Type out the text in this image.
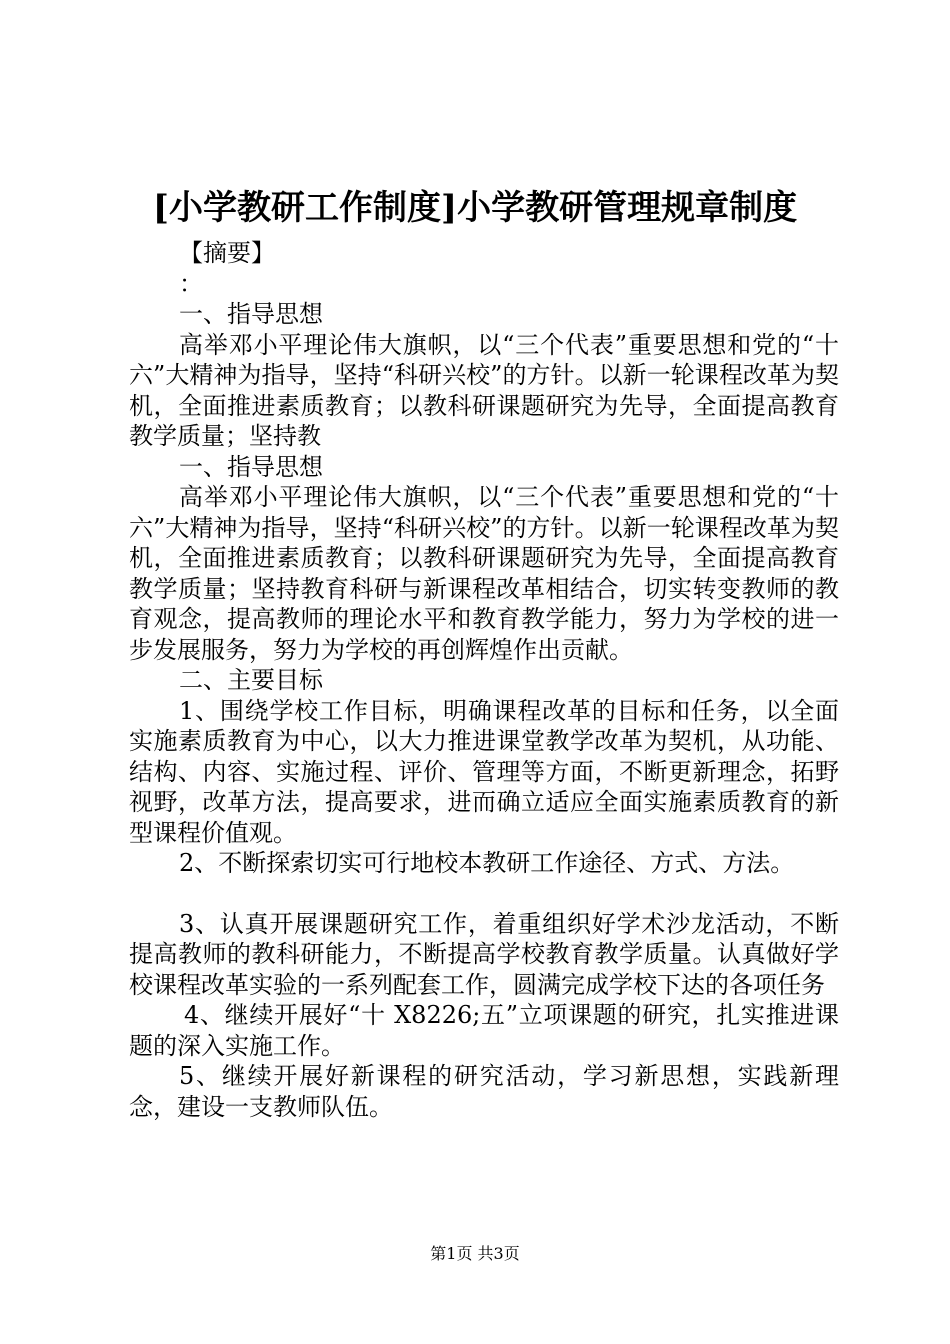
[小学教研工作制度]小学教研管理规章制度

【摘要】

：

一、指导思想

高举邓小平理论伟大旗帜，以“三个代表”重要思想和党的“十六”大精神为指导，坚持“科研兴校”的方针。以新一轮课程改革为契机，全面推进素质教育；以教科研课题研究为先导，全面提高教育教学质量；坚持教

一、指导思想

高举邓小平理论伟大旗帜，以“三个代表”重要思想和党的“十六”大精神为指导，坚持“科研兴校”的方针。以新一轮课程改革为契机，全面推进素质教育；以教科研课题研究为先导，全面提高教育教学质量；坚持教育科研与新课程改革相结合，切实转变教师的教育观念，提高教师的理论水平和教育教学能力，努力为学校的进一步发展服务，努力为学校的再创辉煌作出贡献。

二、主要目标

1、围绕学校工作目标，明确课程改革的目标和任务，以全面实施素质教育为中心，以大力推进课堂教学改革为契机，从功能、结构、内容、实施过程、评价、管理等方面，不断更新理念，拓野视野，改革方法，提高要求，进而确立适应全面实施素质教育的新型课程价值观。

2、不断探索切实可行地校本教研工作途径、方式、方法。

3、认真开展课题研究工作，着重组织好学术沙龙活动，不断提高教师的教科研能力，不断提高学校教育教学质量。认真做好学校课程改革实验的一系列配套工作，圆满完成学校下达的各项任务

4、继续开展好“十 X8226;五”立项课题的研究，扎实推进课题的深入实施工作。

5、继续开展好新课程的研究活动，学习新思想，实践新理念，建设一支教师队伍。

第1页 共3页
